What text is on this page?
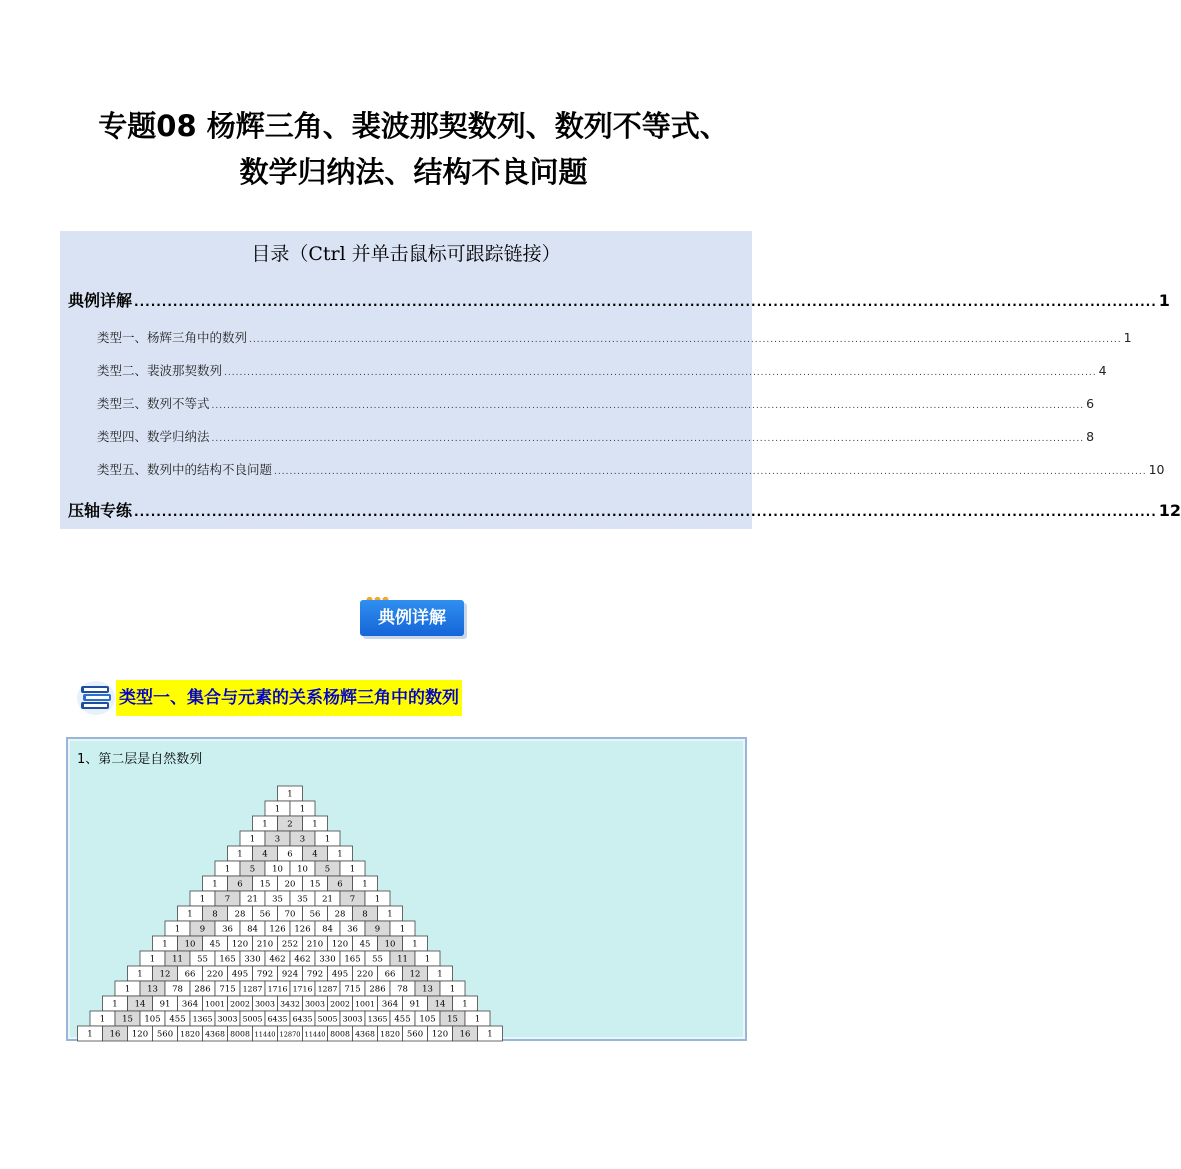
专题08 杨辉三角、裴波那契数列、数列不等式、
数学归纳法、结构不良问题
目录（Ctrl 并单击鼠标可跟踪链接）
典例详解 ........................................................................................................................................................................................ 1
类型一、杨辉三角中的数列 .................................................................................................................................................................................................................................. 1
类型二、裴波那契数列 .................................................................................................................................................................................................................................. 4
类型三、数列不等式 .................................................................................................................................................................................................................................. 6
类型四、数学归纳法 .................................................................................................................................................................................................................................. 8
类型五、数列中的结构不良问题 .................................................................................................................................................................................................................................. 10
压轴专练 ........................................................................................................................................................................................ 12
典例详解
类型一、集合与元素的关系杨辉三角中的数列
1、第二层是自然数列
1
1 1
1 2 1
1 3 3 1
1 4 6 4 1
1 5 10 10 5 1
1 6 15 20 15 6 1
1 7 21 35 35 21 7 1
1 8 28 56 70 56 28 8 1
1 9 36 84 126 126 84 36 9 1
1 10 45 120 210 252 210 120 45 10 1
1 11 55 165 330 462 462 330 165 55 11 1
1 12 66 220 495 792 924 792 495 220 66 12 1
1 13 78 286 715 1287 1716 1716 1287 715 286 78 13 1
1 14 91 364 1001 2002 3003 3432 3003 2002 1001 364 91 14 1
1 15 105 455 1365 3003 5005 6435 6435 5005 3003 1365 455 105 15 1
1 16 120 560 1820 4368 8008 11440 12870 11440 8008 4368 1820 560 120 16 1
